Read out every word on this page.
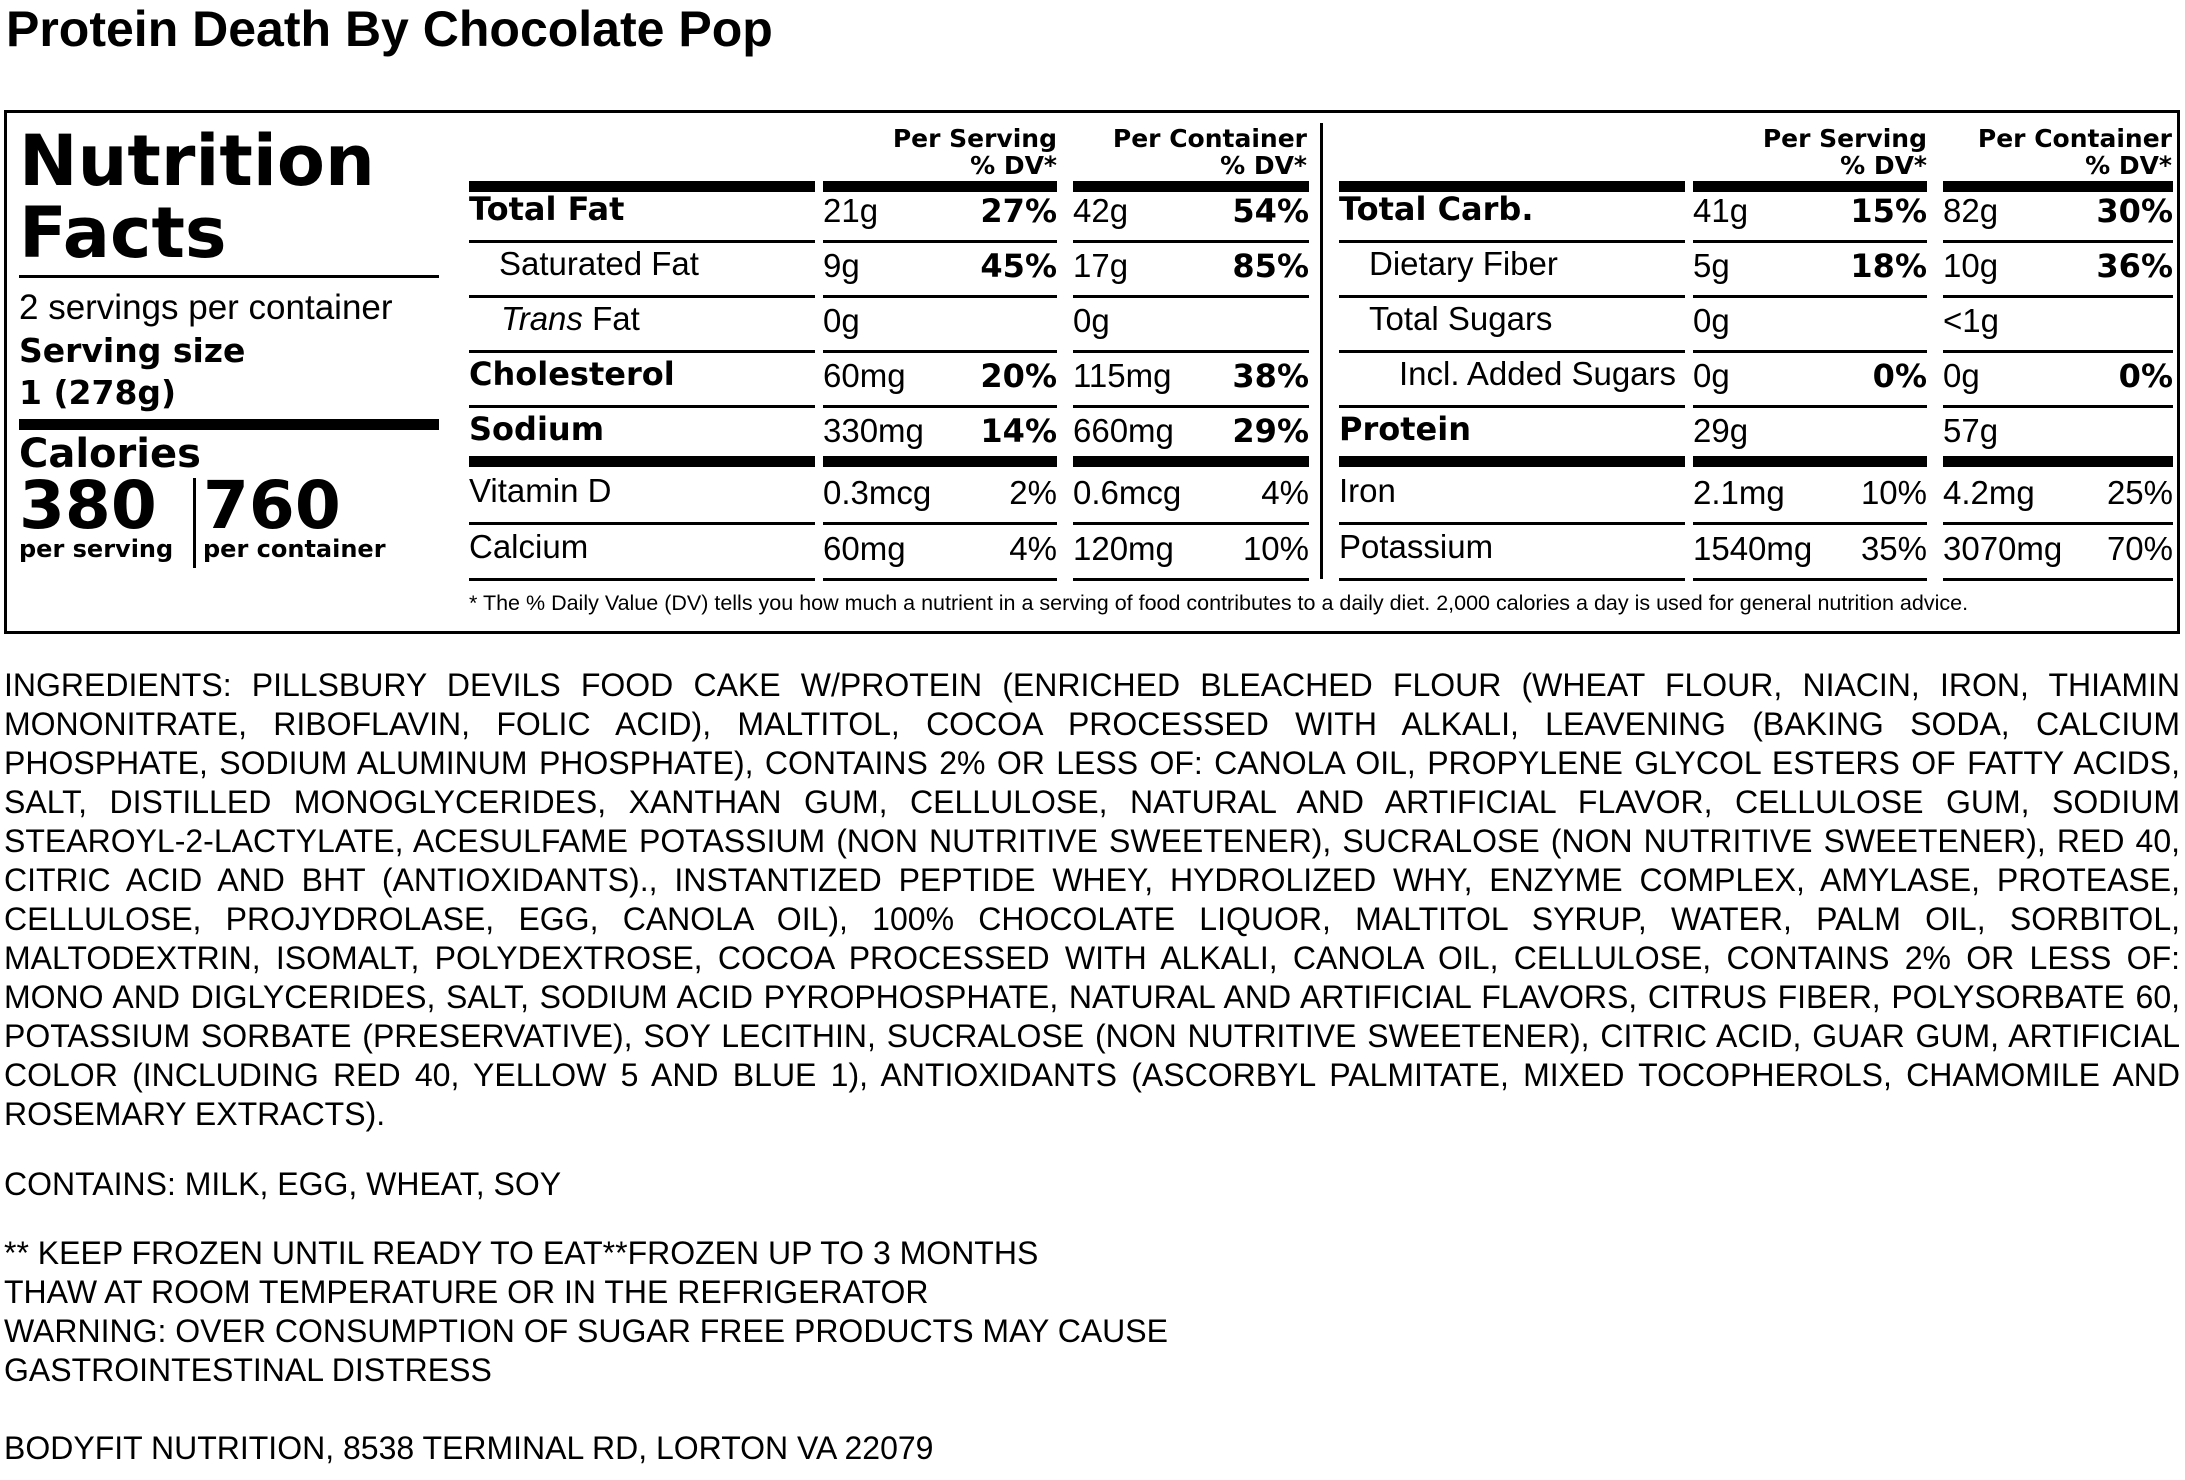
Protein Death By Chocolate Pop
Nutrition
Facts
2 servings per container
Serving size
1 (278g)
Calories
380 760
per serving per container
Per Serving
% DV*
Per Container
% DV*
Total Fat	21g	27% 42g	54%
Saturated Fat	9g	45% 17g	85%
Trans Fat	0g	0g
Cholesterol	60mg	20% 115mg	38%
Sodium	330mg	14% 660mg	29%
Vitamin D	0.3mcg	2% 0.6mcg	4%
Calcium	60mg	4% 120mg	10%
Per Serving
% DV*
Per Container
% DV*
Total Carb.	41g	15% 82g	30%
Dietary Fiber	5g	18% 10g	36%
Total Sugars	0g	<1g
Incl. Added Sugars 0g	0% 0g	0%
Protein	29g	57g
Iron	2.1mg	10% 4.2mg	25%
Potassium	1540mg	35% 3070mg	70%
* The % Daily Value (DV) tells you how much a nutrient in a serving of food contributes to a daily diet. 2,000 calories a day is used for general nutrition advice.
INGREDIENTS: PILLSBURY DEVILS FOOD CAKE W/PROTEIN (ENRICHED BLEACHED FLOUR (WHEAT FLOUR, NIACIN, IRON, THIAMIN MONONITRATE, RIBOFLAVIN, FOLIC ACID), MALTITOL, COCOA PROCESSED WITH ALKALI, LEAVENING (BAKING SODA, CALCIUM PHOSPHATE, SODIUM ALUMINUM PHOSPHATE), CONTAINS 2% OR LESS OF: CANOLA OIL, PROPYLENE GLYCOL ESTERS OF FATTY ACIDS, SALT, DISTILLED MONOGLYCERIDES, XANTHAN GUM, CELLULOSE, NATURAL AND ARTIFICIAL FLAVOR, CELLULOSE GUM, SODIUM STEAROYL-2-LACTYLATE, ACESULFAME POTASSIUM (NON NUTRITIVE SWEETENER), SUCRALOSE (NON NUTRITIVE SWEETENER), RED 40, CITRIC ACID AND BHT (ANTIOXIDANTS)., INSTANTIZED PEPTIDE WHEY, HYDROLIZED WHY, ENZYME COMPLEX, AMYLASE, PROTEASE, CELLULOSE, PROJYDROLASE, EGG, CANOLA OIL), 100% CHOCOLATE LIQUOR, MALTITOL SYRUP, WATER, PALM OIL, SORBITOL, MALTODEXTRIN, ISOMALT, POLYDEXTROSE, COCOA PROCESSED WITH ALKALI, CANOLA OIL, CELLULOSE, CONTAINS 2% OR LESS OF: MONO AND DIGLYCERIDES, SALT, SODIUM ACID PYROPHOSPHATE, NATURAL AND ARTIFICIAL FLAVORS, CITRUS FIBER, POLYSORBATE 60, POTASSIUM SORBATE (PRESERVATIVE), SOY LECITHIN, SUCRALOSE (NON NUTRITIVE SWEETENER), CITRIC ACID, GUAR GUM, ARTIFICIAL COLOR (INCLUDING RED 40, YELLOW 5 AND BLUE 1), ANTIOXIDANTS (ASCORBYL PALMITATE, MIXED TOCOPHEROLS, CHAMOMILE AND ROSEMARY EXTRACTS).
CONTAINS: MILK, EGG, WHEAT, SOY
** KEEP FROZEN UNTIL READY TO EAT**FROZEN UP TO 3 MONTHS
THAW AT ROOM TEMPERATURE OR IN THE REFRIGERATOR
WARNING: OVER CONSUMPTION OF SUGAR FREE PRODUCTS MAY CAUSE
GASTROINTESTINAL DISTRESS
BODYFIT NUTRITION, 8538 TERMINAL RD, LORTON VA 22079
